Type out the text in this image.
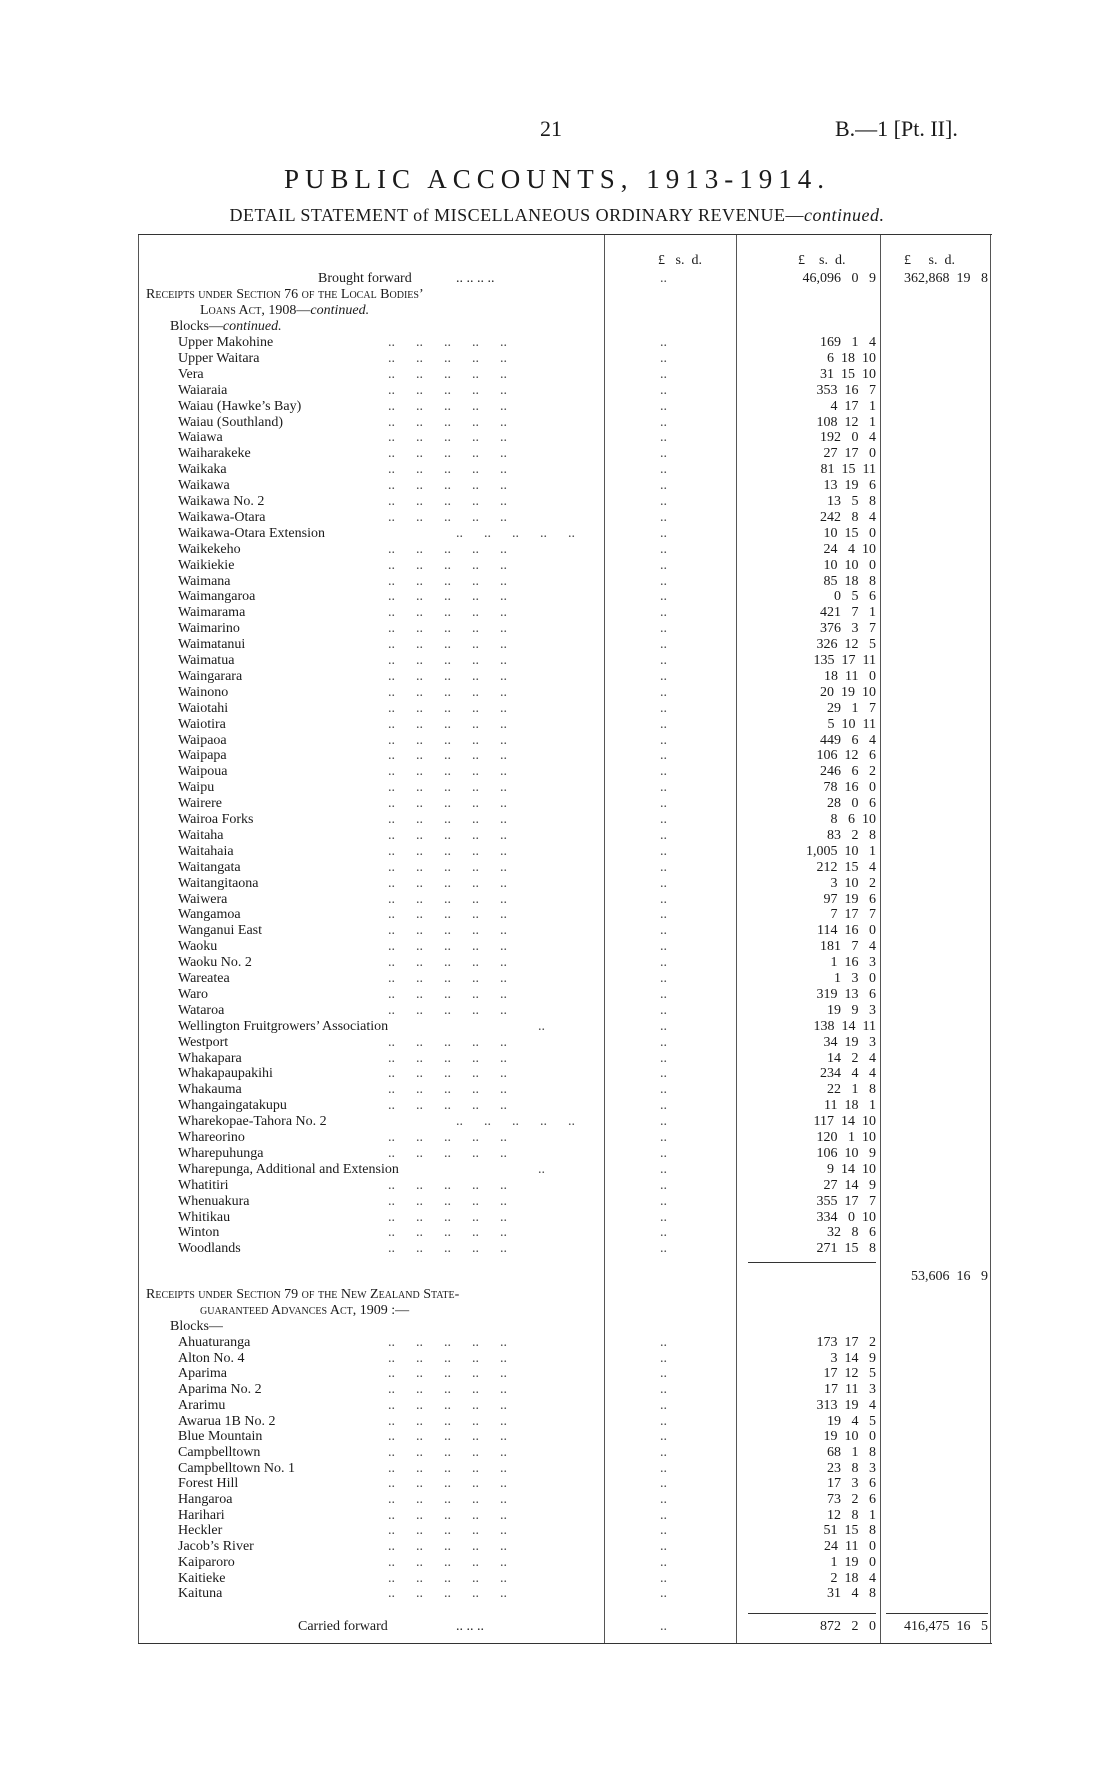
21	B.—1 [Pt. II].
PUBLIC ACCOUNTS, 1913-1914.
DETAIL STATEMENT of MISCELLANEOUS ORDINARY REVENUE—continued.
£   s.  d.	£    s.  d.	£     s.  d.
Brought forward	.. .. .. ..	..	46,096   0   9	362,868  19   8
Receipts under Section 76 of the Local Bodies’
Loans Act, 1908—continued.
Blocks—continued.
Upper Makohine	..      ..      ..      ..      ..	..	169   1   4
Upper Waitara	..      ..      ..      ..      ..	..	6  18  10
Vera	..      ..      ..      ..      ..	..	31  15  10
Waiaraia	..      ..      ..      ..      ..	..	353  16   7
Waiau (Hawke’s Bay)	..      ..      ..      ..      ..	..	4  17   1
Waiau (Southland)	..      ..      ..      ..      ..	..	108  12   1
Waiawa	..      ..      ..      ..      ..	..	192   0   4
Waiharakeke	..      ..      ..      ..      ..	..	27  17   0
Waikaka	..      ..      ..      ..      ..	..	81  15  11
Waikawa	..      ..      ..      ..      ..	..	13  19   6
Waikawa No. 2	..      ..      ..      ..      ..	..	13   5   8
Waikawa-Otara	..      ..      ..      ..      ..	..	242   8   4
Waikawa-Otara Extension	..      ..      ..      ..      ..	..	10  15   0
Waikekeho	..      ..      ..      ..      ..	..	24   4  10
Waikiekie	..      ..      ..      ..      ..	..	10  10   0
Waimana	..      ..      ..      ..      ..	..	85  18   8
Waimangaroa	..      ..      ..      ..      ..	..	0   5   6
Waimarama	..      ..      ..      ..      ..	..	421   7   1
Waimarino	..      ..      ..      ..      ..	..	376   3   7
Waimatanui	..      ..      ..      ..      ..	..	326  12   5
Waimatua	..      ..      ..      ..      ..	..	135  17  11
Waingarara	..      ..      ..      ..      ..	..	18  11   0
Wainono	..      ..      ..      ..      ..	..	20  19  10
Waiotahi	..      ..      ..      ..      ..	..	29   1   7
Waiotira	..      ..      ..      ..      ..	..	5  10  11
Waipaoa	..      ..      ..      ..      ..	..	449   6   4
Waipapa	..      ..      ..      ..      ..	..	106  12   6
Waipoua	..      ..      ..      ..      ..	..	246   6   2
Waipu	..      ..      ..      ..      ..	..	78  16   0
Wairere	..      ..      ..      ..      ..	..	28   0   6
Wairoa Forks	..      ..      ..      ..      ..	..	8   6  10
Waitaha	..      ..      ..      ..      ..	..	83   2   8
Waitahaia	..      ..      ..      ..      ..	..	1,005  10   1
Waitangata	..      ..      ..      ..      ..	..	212  15   4
Waitangitaona	..      ..      ..      ..      ..	..	3  10   2
Waiwera	..      ..      ..      ..      ..	..	97  19   6
Wangamoa	..      ..      ..      ..      ..	..	7  17   7
Wanganui East	..      ..      ..      ..      ..	..	114  16   0
Waoku	..      ..      ..      ..      ..	..	181   7   4
Waoku No. 2	..      ..      ..      ..      ..	..	1  16   3
Wareatea	..      ..      ..      ..      ..	..	1   3   0
Waro	..      ..      ..      ..      ..	..	319  13   6
Wataroa	..      ..      ..      ..      ..	..	19   9   3
Wellington Fruitgrowers’ Association	..	..	138  14  11
Westport	..      ..      ..      ..      ..	..	34  19   3
Whakapara	..      ..      ..      ..      ..	..	14   2   4
Whakapaupakihi	..      ..      ..      ..      ..	..	234   4   4
Whakauma	..      ..      ..      ..      ..	..	22   1   8
Whangaingatakupu	..      ..      ..      ..      ..	..	11  18   1
Wharekopae-Tahora No. 2	..      ..      ..      ..      ..	..	117  14  10
Whareorino	..      ..      ..      ..      ..	..	120   1  10
Wharepuhunga	..      ..      ..      ..      ..	..	106  10   9
Wharepunga, Additional and Extension	..	..	9  14  10
Whatitiri	..      ..      ..      ..      ..	..	27  14   9
Whenuakura	..      ..      ..      ..      ..	..	355  17   7
Whitikau	..      ..      ..      ..      ..	..	334   0  10
Winton	..      ..      ..      ..      ..	..	32   8   6
Woodlands	..      ..      ..      ..      ..	..	271  15   8
53,606  16   9
Receipts under Section 79 of the New Zealand State-
guaranteed Advances Act, 1909 :—
Blocks—
Ahuaturanga	..      ..      ..      ..      ..	..	173  17   2
Alton No. 4	..      ..      ..      ..      ..	..	3  14   9
Aparima	..      ..      ..      ..      ..	..	17  12   5
Aparima No. 2	..      ..      ..      ..      ..	..	17  11   3
Ararimu	..      ..      ..      ..      ..	..	313  19   4
Awarua 1B No. 2	..      ..      ..      ..      ..	..	19   4   5
Blue Mountain	..      ..      ..      ..      ..	..	19  10   0
Campbelltown	..      ..      ..      ..      ..	..	68   1   8
Campbelltown No. 1	..      ..      ..      ..      ..	..	23   8   3
Forest Hill	..      ..      ..      ..      ..	..	17   3   6
Hangaroa	..      ..      ..      ..      ..	..	73   2   6
Harihari	..      ..      ..      ..      ..	..	12   8   1
Heckler	..      ..      ..      ..      ..	..	51  15   8
Jacob’s River	..      ..      ..      ..      ..	..	24  11   0
Kaiparoro	..      ..      ..      ..      ..	..	1  19   0
Kaitieke	..      ..      ..      ..      ..	..	2  18   4
Kaituna	..      ..      ..      ..      ..	..	31   4   8
Carried forward	.. .. ..	..	872   2   0	416,475  16   5
